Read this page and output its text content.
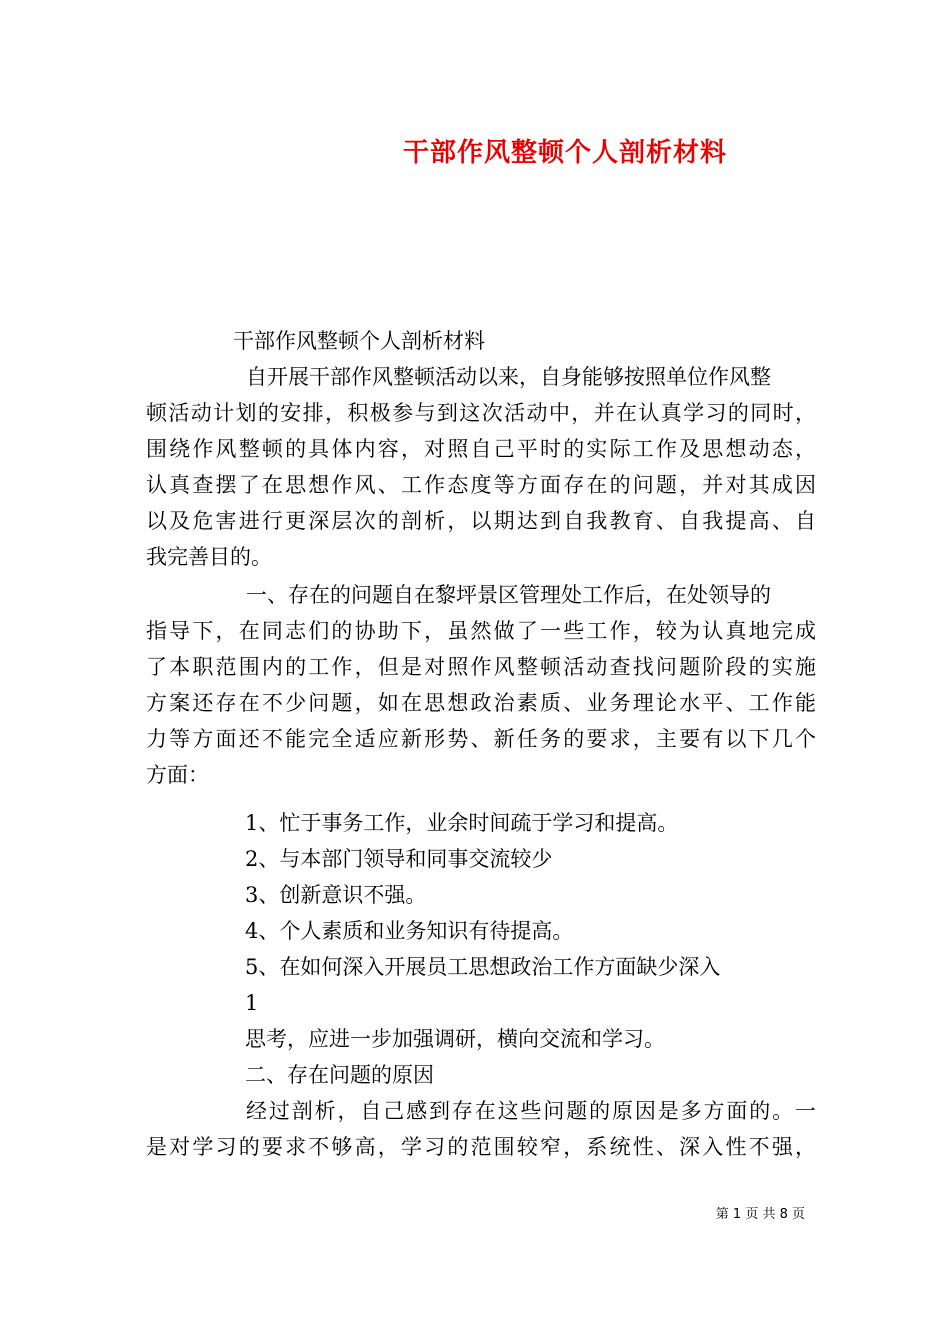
干部作风整顿个人剖析材料
干部作风整顿个人剖析材料
自开展干部作风整顿活动以来，自身能够按照单位作风整
顿活动计划的安排，积极参与到这次活动中，并在认真学习的同时，
围绕作风整顿的具体内容，对照自己平时的实际工作及思想动态，
认真查摆了在思想作风、工作态度等方面存在的问题，并对其成因
以及危害进行更深层次的剖析，以期达到自我教育、自我提高、自
我完善目的。
一、存在的问题自在黎坪景区管理处工作后，在处领导的
指导下，在同志们的协助下，虽然做了一些工作，较为认真地完成
了本职范围内的工作，但是对照作风整顿活动查找问题阶段的实施
方案还存在不少问题，如在思想政治素质、业务理论水平、工作能
力等方面还不能完全适应新形势、新任务的要求，主要有以下几个
方面：
1、忙于事务工作，业余时间疏于学习和提高。
2、与本部门领导和同事交流较少
3、创新意识不强。
4、个人素质和业务知识有待提高。
5、在如何深入开展员工思想政治工作方面缺少深入
1
思考，应进一步加强调研，横向交流和学习。
二、存在问题的原因
经过剖析，自己感到存在这些问题的原因是多方面的。一
是对学习的要求不够高，学习的范围较窄，系统性、深入性不强，
第 1 页 共 8 页
